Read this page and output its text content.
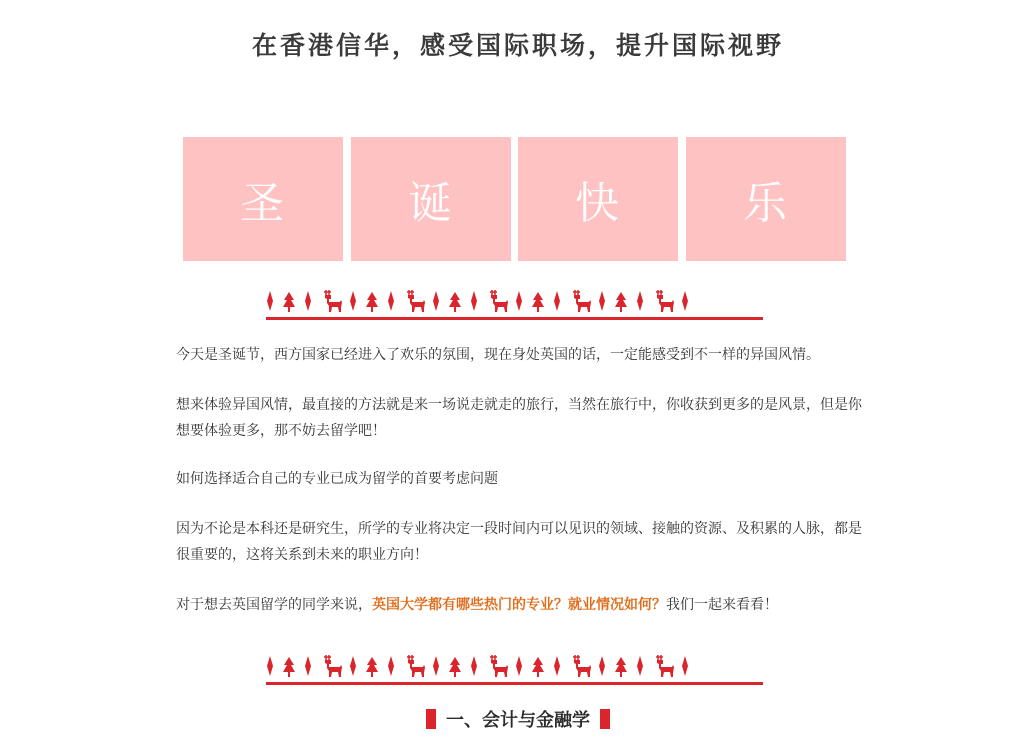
在香港信华，感受国际职场，提升国际视野
圣	诞	快	乐

今天是圣诞节，西方国家已经进入了欢乐的氛围，现在身处英国的话，一定能感受到不一样的异国风情。

想来体验异国风情，最直接的方法就是来一场说走就走的旅行，当然在旅行中，你收获到更多的是风景，但是你想要体验更多，那不妨去留学吧！

如何选择适合自己的专业已成为留学的首要考虑问题

因为不论是本科还是研究生，所学的专业将决定一段时间内可以见识的领域、接触的资源、及积累的人脉，都是很重要的，这将关系到未来的职业方向！

对于想去英国留学的同学来说，英国大学都有哪些热门的专业？就业情况如何？我们一起来看看！

一、会计与金融学
